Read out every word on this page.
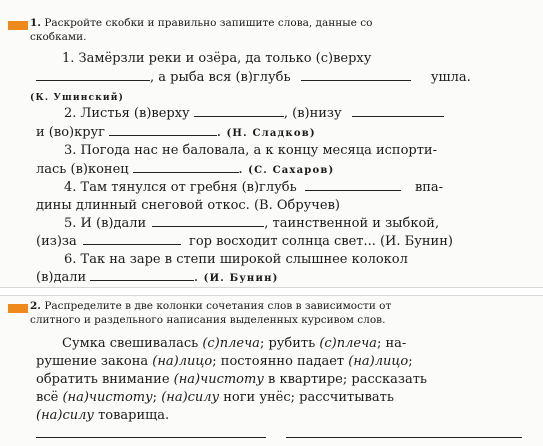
1. Раскройте скобки и правильно запишите слова, данные со
скобками.
1. Замёрзли реки и озёра, да только (с)верху
, а рыба вся (в)глубь	ушла.
(К. Ушинский)
2. Листья (в)верху	, (в)низу
и (во)круг	. (Н. Сладков)
3. Погода нас не баловала, а к концу месяца испорти-
лась (в)конец	. (С. Сахаров)
4. Там тянулся от гребня (в)глубь	впа-
дины длинный снеговой откос. (В. Обручев)
5. И (в)дали	, таинственной и зыбкой,
(из)за	гор восходит солнца свет... (И. Бунин)
6. Так на заре в степи широкой слышнее колокол
(в)дали	. (И. Бунин)
2. Распределите в две колонки сочетания слов в зависимости от
слитного и раздельного написания выделенных курсивом слов.
Сумка свешивалась (с)плеча; рубить (с)плеча; на-
рушение закона (на)лицо; постоянно падает (на)лицо;
обратить внимание (на)чистоту в квартире; рассказать
всё (на)чистоту; (на)силу ноги унёс; рассчитывать
(на)силу товарища.
